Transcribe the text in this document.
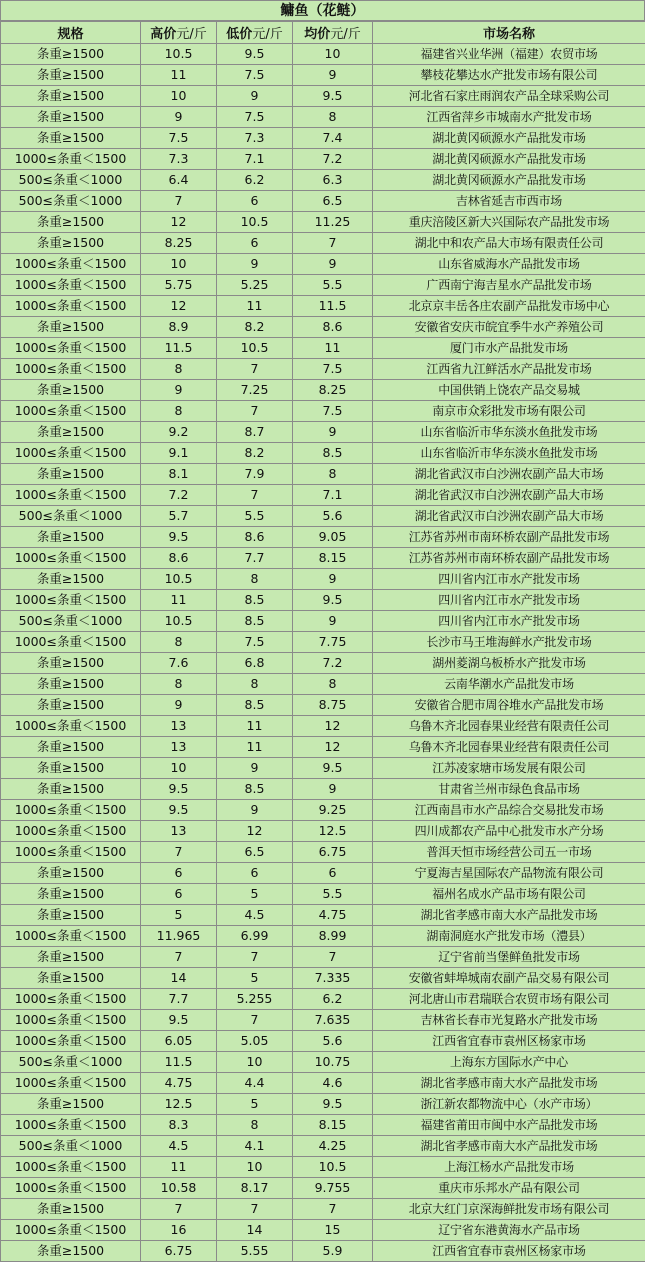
鳙鱼（花鲢）
规格	高价元/斤	低价元/斤	均价元/斤	市场名称
条重≥1500	10.5	9.5	10	福建省兴业华洲（福建）农贸市场
条重≥1500	11	7.5	9	攀枝花攀达水产批发市场有限公司
条重≥1500	10	9	9.5	河北省石家庄雨润农产品全球采购公司
条重≥1500	9	7.5	8	江西省萍乡市城南水产批发市场
条重≥1500	7.5	7.3	7.4	湖北黄冈硕源水产品批发市场
1000≤条重＜1500	7.3	7.1	7.2	湖北黄冈硕源水产品批发市场
500≤条重＜1000	6.4	6.2	6.3	湖北黄冈硕源水产品批发市场
500≤条重＜1000	7	6	6.5	吉林省延吉市西市场
条重≥1500	12	10.5	11.25	重庆涪陵区新大兴国际农产品批发市场
条重≥1500	8.25	6	7	湖北中和农产品大市场有限责任公司
1000≤条重＜1500	10	9	9	山东省威海水产品批发市场
1000≤条重＜1500	5.75	5.25	5.5	广西南宁海吉星水产品批发市场
1000≤条重＜1500	12	11	11.5	北京京丰岳各庄农副产品批发市场中心
条重≥1500	8.9	8.2	8.6	安徽省安庆市皖宜季牛水产养殖公司
1000≤条重＜1500	11.5	10.5	11	厦门市水产品批发市场
1000≤条重＜1500	8	7	7.5	江西省九江鲜活水产品批发市场
条重≥1500	9	7.25	8.25	中国供销上饶农产品交易城
1000≤条重＜1500	8	7	7.5	南京市众彩批发市场有限公司
条重≥1500	9.2	8.7	9	山东省临沂市华东淡水鱼批发市场
1000≤条重＜1500	9.1	8.2	8.5	山东省临沂市华东淡水鱼批发市场
条重≥1500	8.1	7.9	8	湖北省武汉市白沙洲农副产品大市场
1000≤条重＜1500	7.2	7	7.1	湖北省武汉市白沙洲农副产品大市场
500≤条重＜1000	5.7	5.5	5.6	湖北省武汉市白沙洲农副产品大市场
条重≥1500	9.5	8.6	9.05	江苏省苏州市南环桥农副产品批发市场
1000≤条重＜1500	8.6	7.7	8.15	江苏省苏州市南环桥农副产品批发市场
条重≥1500	10.5	8	9	四川省内江市水产批发市场
1000≤条重＜1500	11	8.5	9.5	四川省内江市水产批发市场
500≤条重＜1000	10.5	8.5	9	四川省内江市水产批发市场
1000≤条重＜1500	8	7.5	7.75	长沙市马王堆海鲜水产批发市场
条重≥1500	7.6	6.8	7.2	湖州菱湖乌板桥水产批发市场
条重≥1500	8	8	8	云南华潮水产品批发市场
条重≥1500	9	8.5	8.75	安徽省合肥市周谷堆水产品批发市场
1000≤条重＜1500	13	11	12	乌鲁木齐北园春果业经营有限责任公司
条重≥1500	13	11	12	乌鲁木齐北园春果业经营有限责任公司
条重≥1500	10	9	9.5	江苏凌家塘市场发展有限公司
条重≥1500	9.5	8.5	9	甘肃省兰州市绿色食品市场
1000≤条重＜1500	9.5	9	9.25	江西南昌市水产品综合交易批发市场
1000≤条重＜1500	13	12	12.5	四川成都农产品中心批发市水产分场
1000≤条重＜1500	7	6.5	6.75	普洱天恒市场经营公司五一市场
条重≥1500	6	6	6	宁夏海吉星国际农产品物流有限公司
条重≥1500	6	5	5.5	福州名成水产品市场有限公司
条重≥1500	5	4.5	4.75	湖北省孝感市南大水产品批发市场
1000≤条重＜1500	11.965	6.99	8.99	湖南洞庭水产批发市场（澧县）
条重≥1500	7	7	7	辽宁省前当堡鲜鱼批发市场
条重≥1500	14	5	7.335	安徽省蚌埠城南农副产品交易有限公司
1000≤条重＜1500	7.7	5.255	6.2	河北唐山市君瑞联合农贸市场有限公司
1000≤条重＜1500	9.5	7	7.635	吉林省长春市光复路水产批发市场
1000≤条重＜1500	6.05	5.05	5.6	江西省宜春市袁州区杨家市场
500≤条重＜1000	11.5	10	10.75	上海东方国际水产中心
1000≤条重＜1500	4.75	4.4	4.6	湖北省孝感市南大水产品批发市场
条重≥1500	12.5	5	9.5	浙江新农都物流中心（水产市场）
1000≤条重＜1500	8.3	8	8.15	福建省莆田市闽中水产品批发市场
500≤条重＜1000	4.5	4.1	4.25	湖北省孝感市南大水产品批发市场
1000≤条重＜1500	11	10	10.5	上海江杨水产品批发市场
1000≤条重＜1500	10.58	8.17	9.755	重庆市乐邦水产品有限公司
条重≥1500	7	7	7	北京大红门京深海鲜批发市场有限公司
1000≤条重＜1500	16	14	15	辽宁省东港黄海水产品市场
条重≥1500	6.75	5.55	5.9	江西省宜春市袁州区杨家市场
